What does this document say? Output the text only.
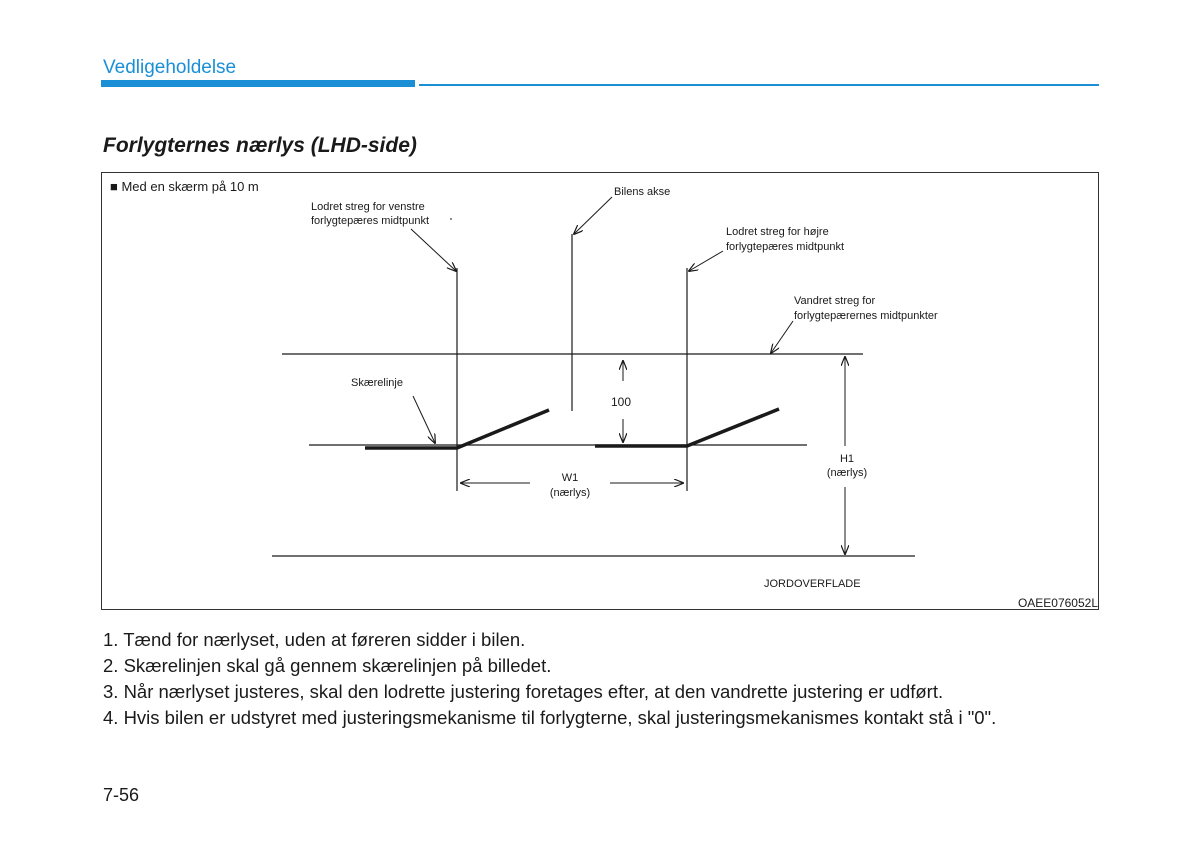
Vedligeholdelse
Forlygternes nærlys (LHD-side)
■ Med en skærm på 10 m	Bilens akse
Lodret streg for venstre
forlygtepæres midtpunkt
Lodret streg for højre
forlygtepæres midtpunkt
Vandret streg for
forlygtepærernes midtpunkter
Skærelinje
100
W1
(nærlys)
H1
(nærlys)
JORDOVERFLADE
OAEE076052L
1. Tænd for nærlyset, uden at føreren sidder i bilen.
2. Skærelinjen skal gå gennem skærelinjen på billedet.
3. Når nærlyset justeres, skal den lodrette justering foretages efter, at den vandrette justering er udført.
4. Hvis bilen er udstyret med justeringsmekanisme til forlygterne, skal justeringsmekanismes kontakt stå i "0".
7-56
